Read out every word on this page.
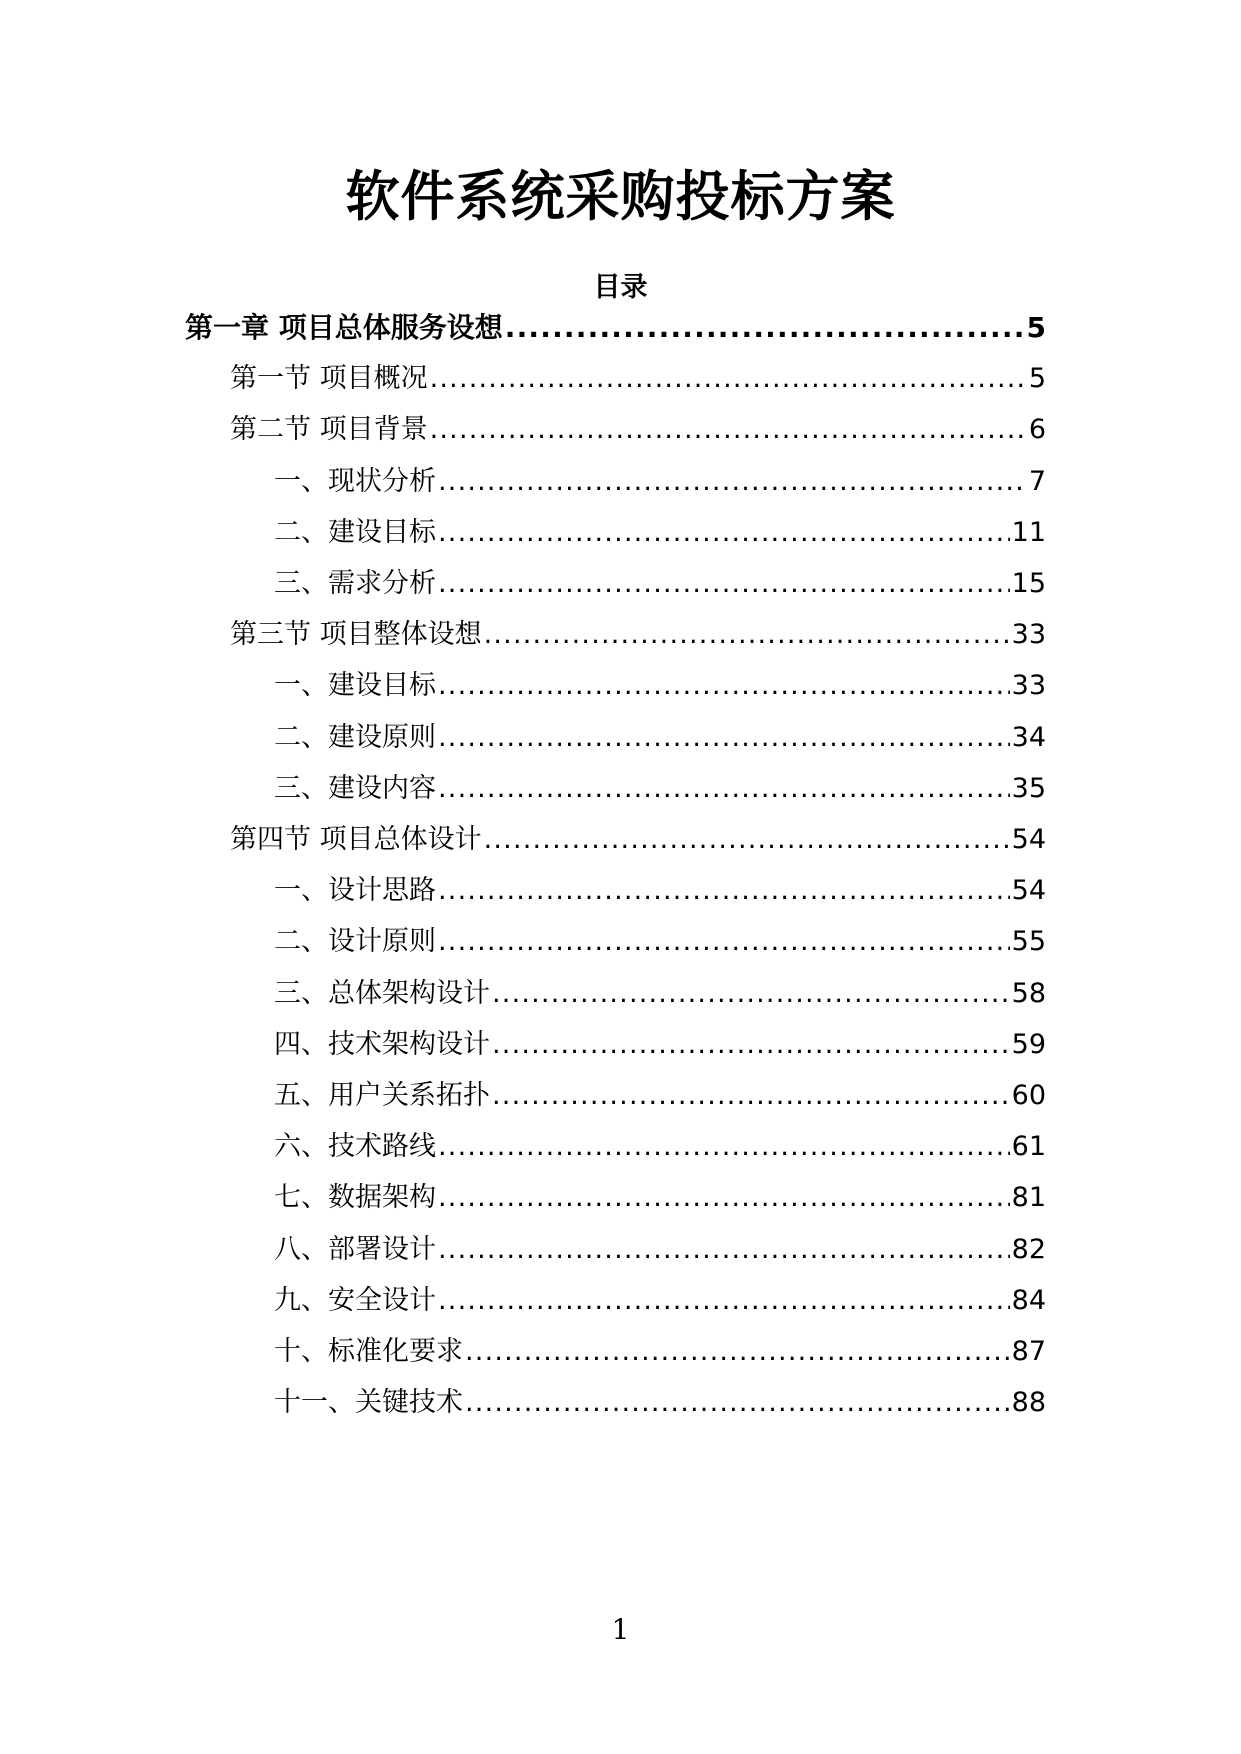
软件系统采购投标方案
目录
第一章 项目总体服务设想 .....	5
第一节 项目概况 .....	5
第二节 项目背景 .....	6
一、现状分析 .....	7
二、建设目标 .....	11
三、需求分析 .....	15
第三节 项目整体设想 .....	33
一、建设目标 .....	33
二、建设原则 .....	34
三、建设内容 .....	35
第四节 项目总体设计 .....	54
一、设计思路 .....	54
二、设计原则 .....	55
三、总体架构设计 .....	58
四、技术架构设计 .....	59
五、用户关系拓扑 .....	60
六、技术路线 .....	61
七、数据架构 .....	81
八、部署设计 .....	82
九、安全设计 .....	84
十、标准化要求 .....	87
十一、关键技术 .....	88
1
